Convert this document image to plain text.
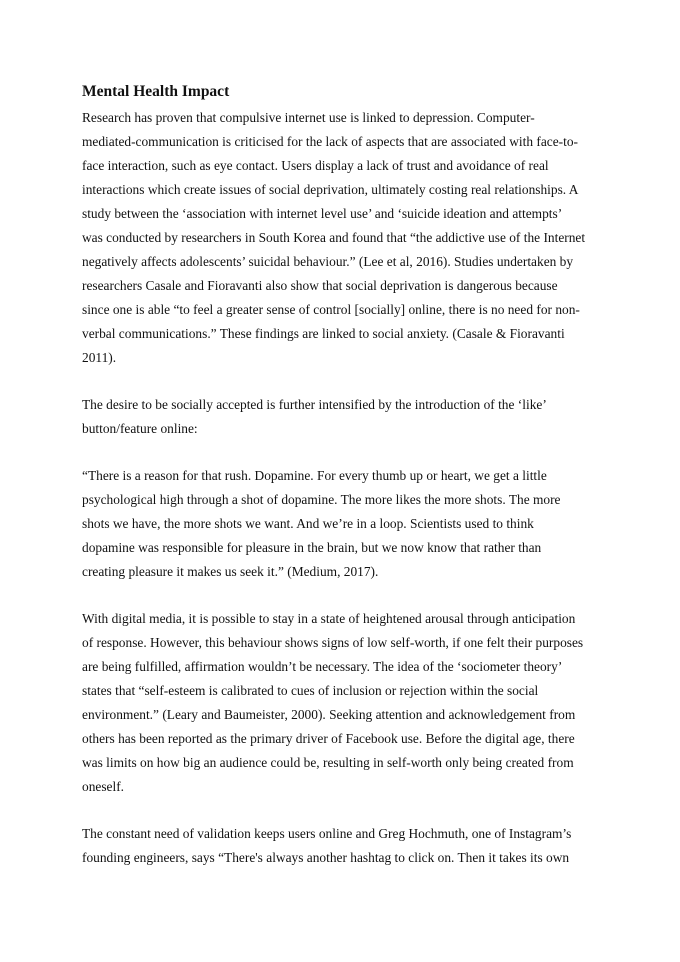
Mental Health Impact

Research has proven that compulsive internet use is linked to depression. Computer-

mediated-communication is criticised for the lack of aspects that are associated with face-to-

face interaction, such as eye contact. Users display a lack of trust and avoidance of real

interactions which create issues of social deprivation, ultimately costing real relationships. A

study between the ‘association with internet level use’ and ‘suicide ideation and attempts’

was conducted by researchers in South Korea and found that “the addictive use of the Internet

negatively affects adolescents’ suicidal behaviour.” (Lee et al, 2016). Studies undertaken by

researchers Casale and Fioravanti also show that social deprivation is dangerous because

since one is able “to feel a greater sense of control [socially] online, there is no need for non-

verbal communications.” These findings are linked to social anxiety. (Casale & Fioravanti

2011).

The desire to be socially accepted is further intensified by the introduction of the ‘like’

button/feature online:

“There is a reason for that rush. Dopamine. For every thumb up or heart, we get a little

psychological high through a shot of dopamine. The more likes the more shots. The more

shots we have, the more shots we want. And we’re in a loop. Scientists used to think

dopamine was responsible for pleasure in the brain, but we now know that rather than

creating pleasure it makes us seek it.” (Medium, 2017).

With digital media, it is possible to stay in a state of heightened arousal through anticipation

of response. However, this behaviour shows signs of low self-worth, if one felt their purposes

are being fulfilled, affirmation wouldn’t be necessary. The idea of the ‘sociometer theory’

states that “self-esteem is calibrated to cues of inclusion or rejection within the social

environment.” (Leary and Baumeister, 2000). Seeking attention and acknowledgement from

others has been reported as the primary driver of Facebook use. Before the digital age, there

was limits on how big an audience could be, resulting in self-worth only being created from

oneself.

The constant need of validation keeps users online and Greg Hochmuth, one of Instagram’s

founding engineers, says “There's always another hashtag to click on. Then it takes its own
